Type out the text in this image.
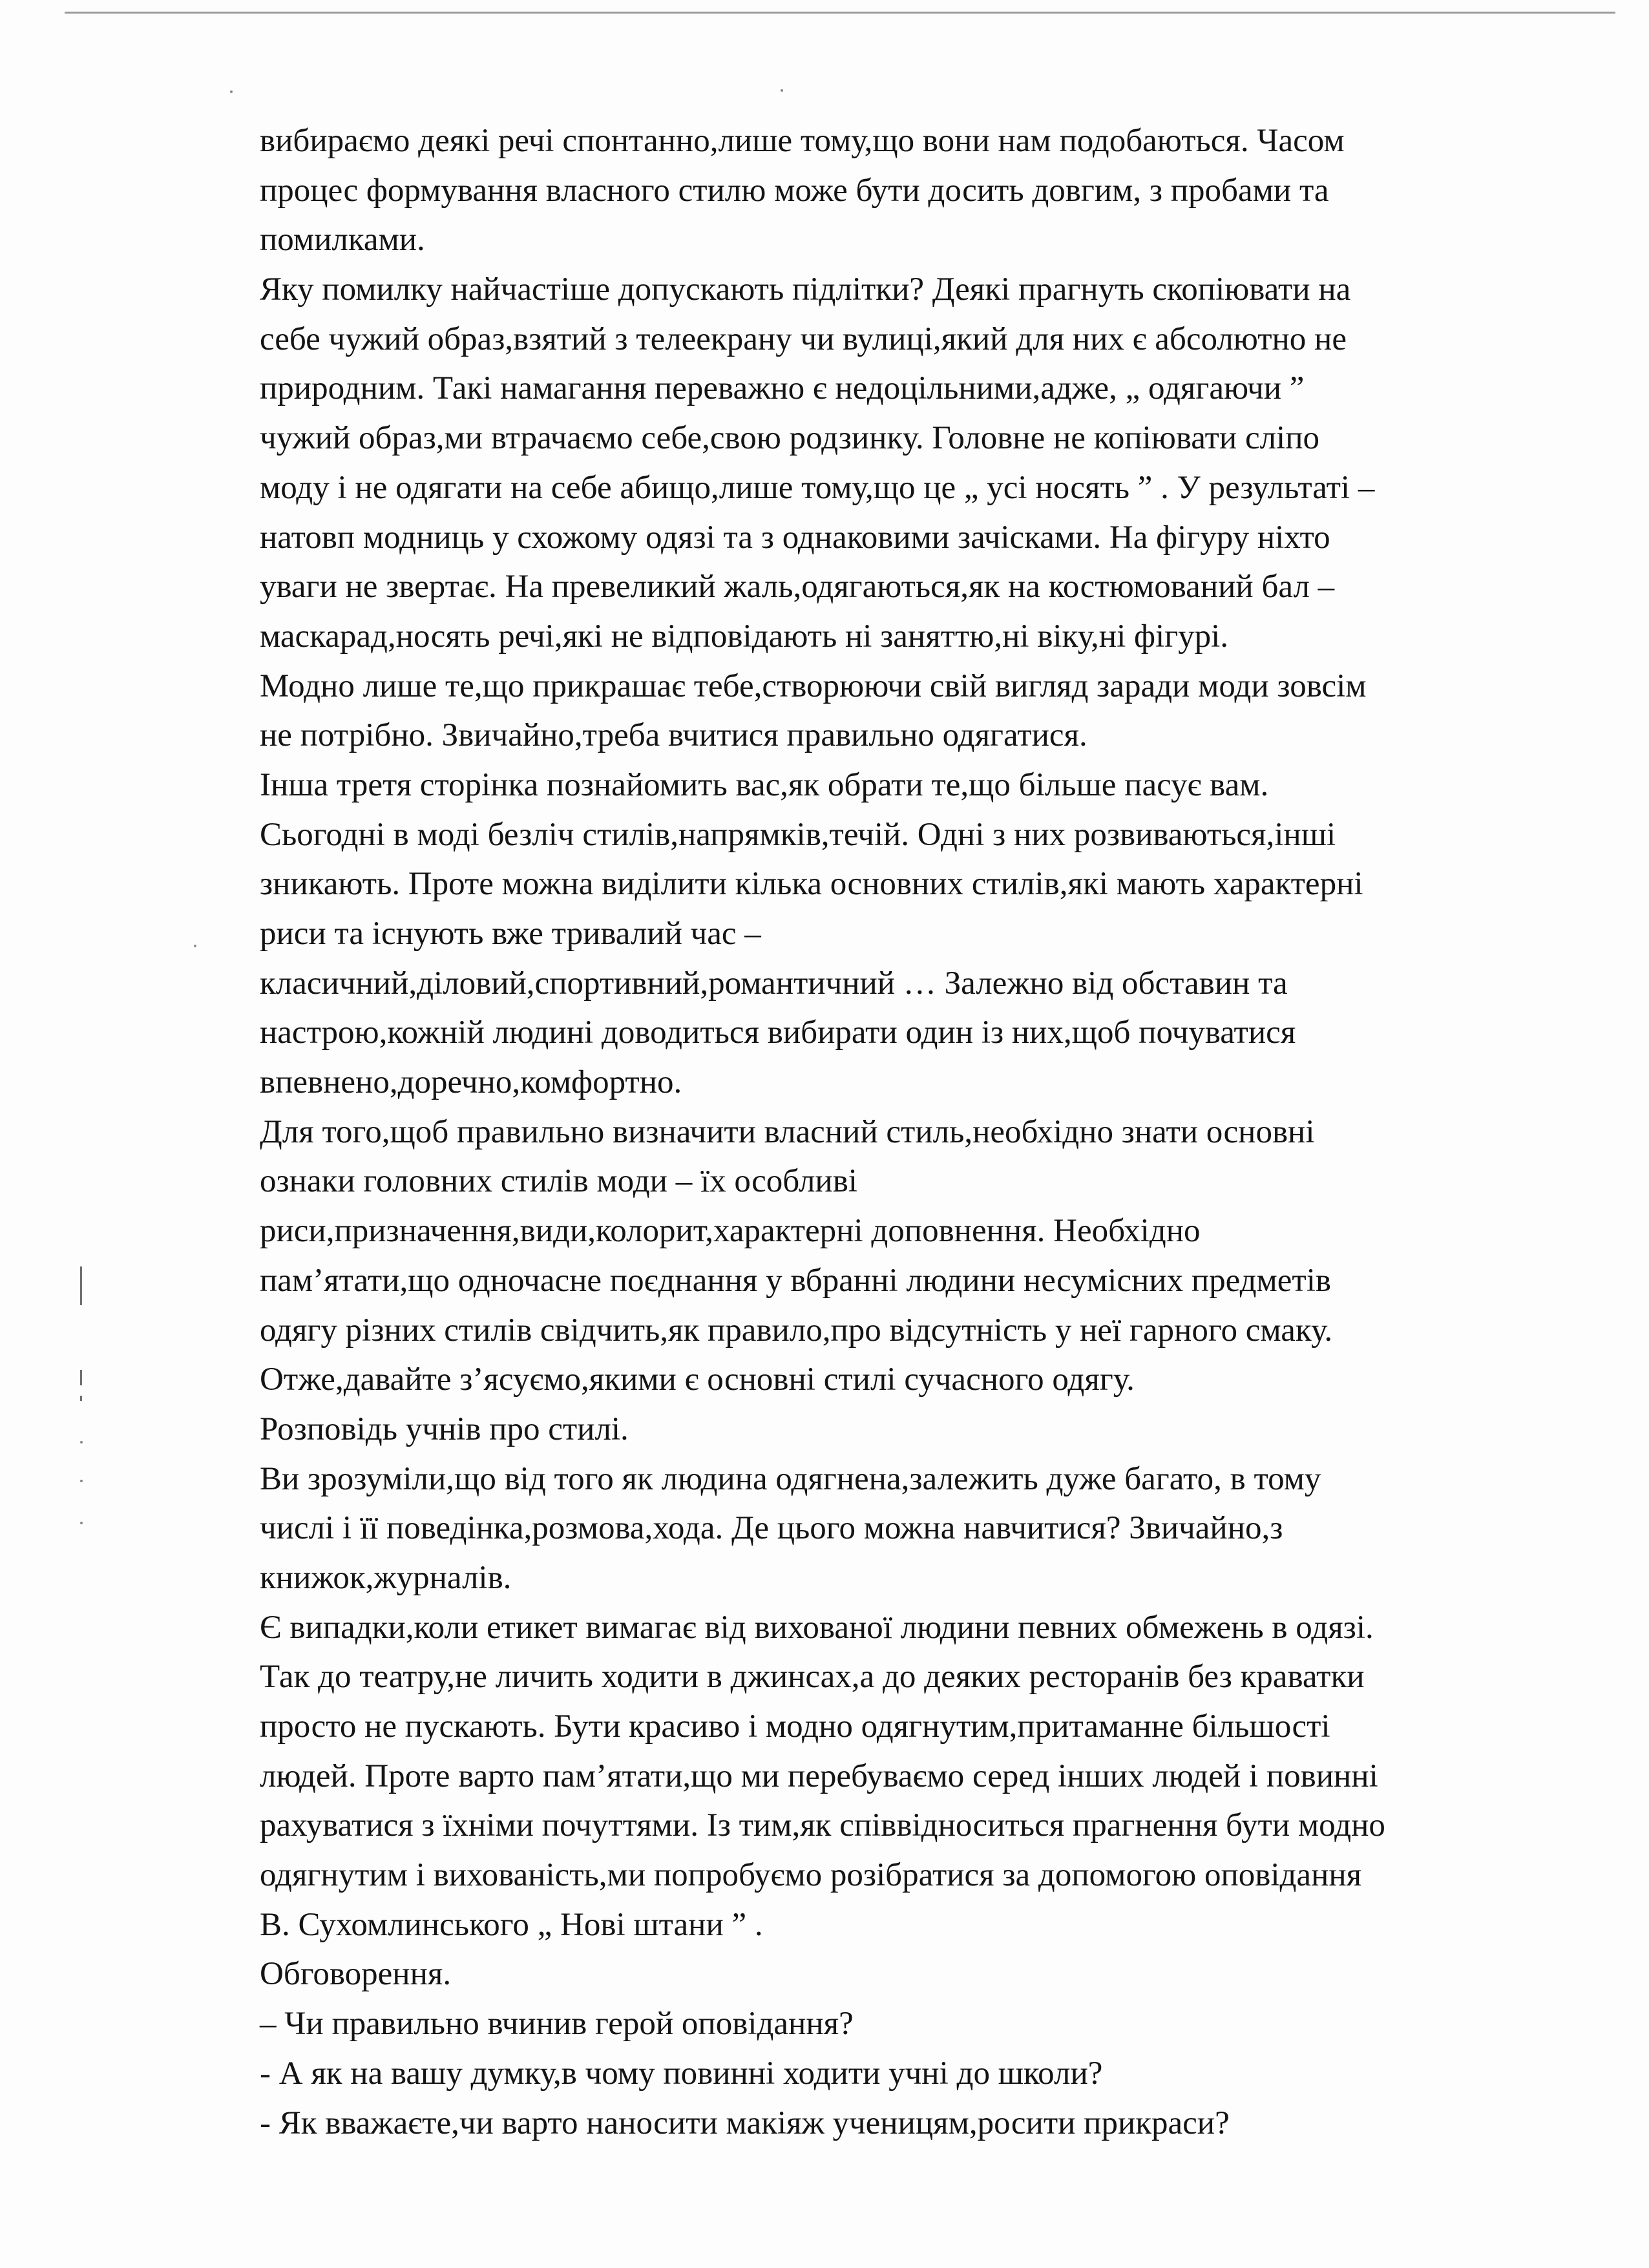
вибираємо деякі речі спонтанно,лише тому,що вони нам подобаються. Часом
процес формування власного стилю може бути досить довгим, з пробами та
помилками.
Яку помилку найчастіше допускають підлітки? Деякі прагнуть скопіювати на
себе чужий образ,взятий з телеекрану чи вулиці,який для них є абсолютно не
природним. Такі намагання переважно є недоцільними,адже, „ одягаючи ”
чужий образ,ми втрачаємо себе,свою родзинку. Головне не копіювати сліпо
моду і не одягати на себе абищо,лише тому,що це „ усі носять ” . У результаті –
натовп модниць у схожому одязі та з однаковими зачісками. На фігуру ніхто
уваги не звертає. На превеликий жаль,одягаються,як на костюмований бал –
маскарад,носять речі,які не відповідають ні заняттю,ні віку,ні фігурі.
Модно лише те,що прикрашає тебе,створюючи свій вигляд заради моди зовсім
не потрібно. Звичайно,треба вчитися правильно одягатися.
Інша третя сторінка познайомить вас,як обрати те,що більше пасує вам.
Сьогодні в моді безліч стилів,напрямків,течій. Одні з них розвиваються,інші
зникають. Проте можна виділити кілька основних стилів,які мають характерні
риси та існують вже тривалий час –
класичний,діловий,спортивний,романтичний … Залежно від обставин та
настрою,кожній людині доводиться вибирати один із них,щоб почуватися
впевнено,доречно,комфортно.
Для того,щоб правильно визначити власний стиль,необхідно знати основні
ознаки головних стилів моди – їх особливі
риси,призначення,види,колорит,характерні доповнення. Необхідно
пам’ятати,що одночасне поєднання у вбранні людини несумісних предметів
одягу різних стилів свідчить,як правило,про відсутність у неї гарного смаку.
Отже,давайте з’ясуємо,якими є основні стилі сучасного одягу.
Розповідь учнів про стилі.
Ви зрозуміли,що від того як людина одягнена,залежить дуже багато, в тому
числі і її поведінка,розмова,хода. Де цього можна навчитися? Звичайно,з
книжок,журналів.
Є випадки,коли етикет вимагає від вихованої людини певних обмежень в одязі.
Так до театру,не личить ходити в джинсах,а до деяких ресторанів без краватки
просто не пускають. Бути красиво і модно одягнутим,притаманне більшості
людей. Проте варто пам’ятати,що ми перебуваємо серед інших людей і повинні
рахуватися з їхніми почуттями. Із тим,як співвідноситься прагнення бути модно
одягнутим і вихованість,ми попробуємо розібратися за допомогою оповідання
В. Сухомлинського „ Нові штани ” .
Обговорення.
– Чи правильно вчинив герой оповідання?
- А як на вашу думку,в чому повинні ходити учні до школи?
- Як вважаєте,чи варто наносити макіяж ученицям,росити прикраси?
